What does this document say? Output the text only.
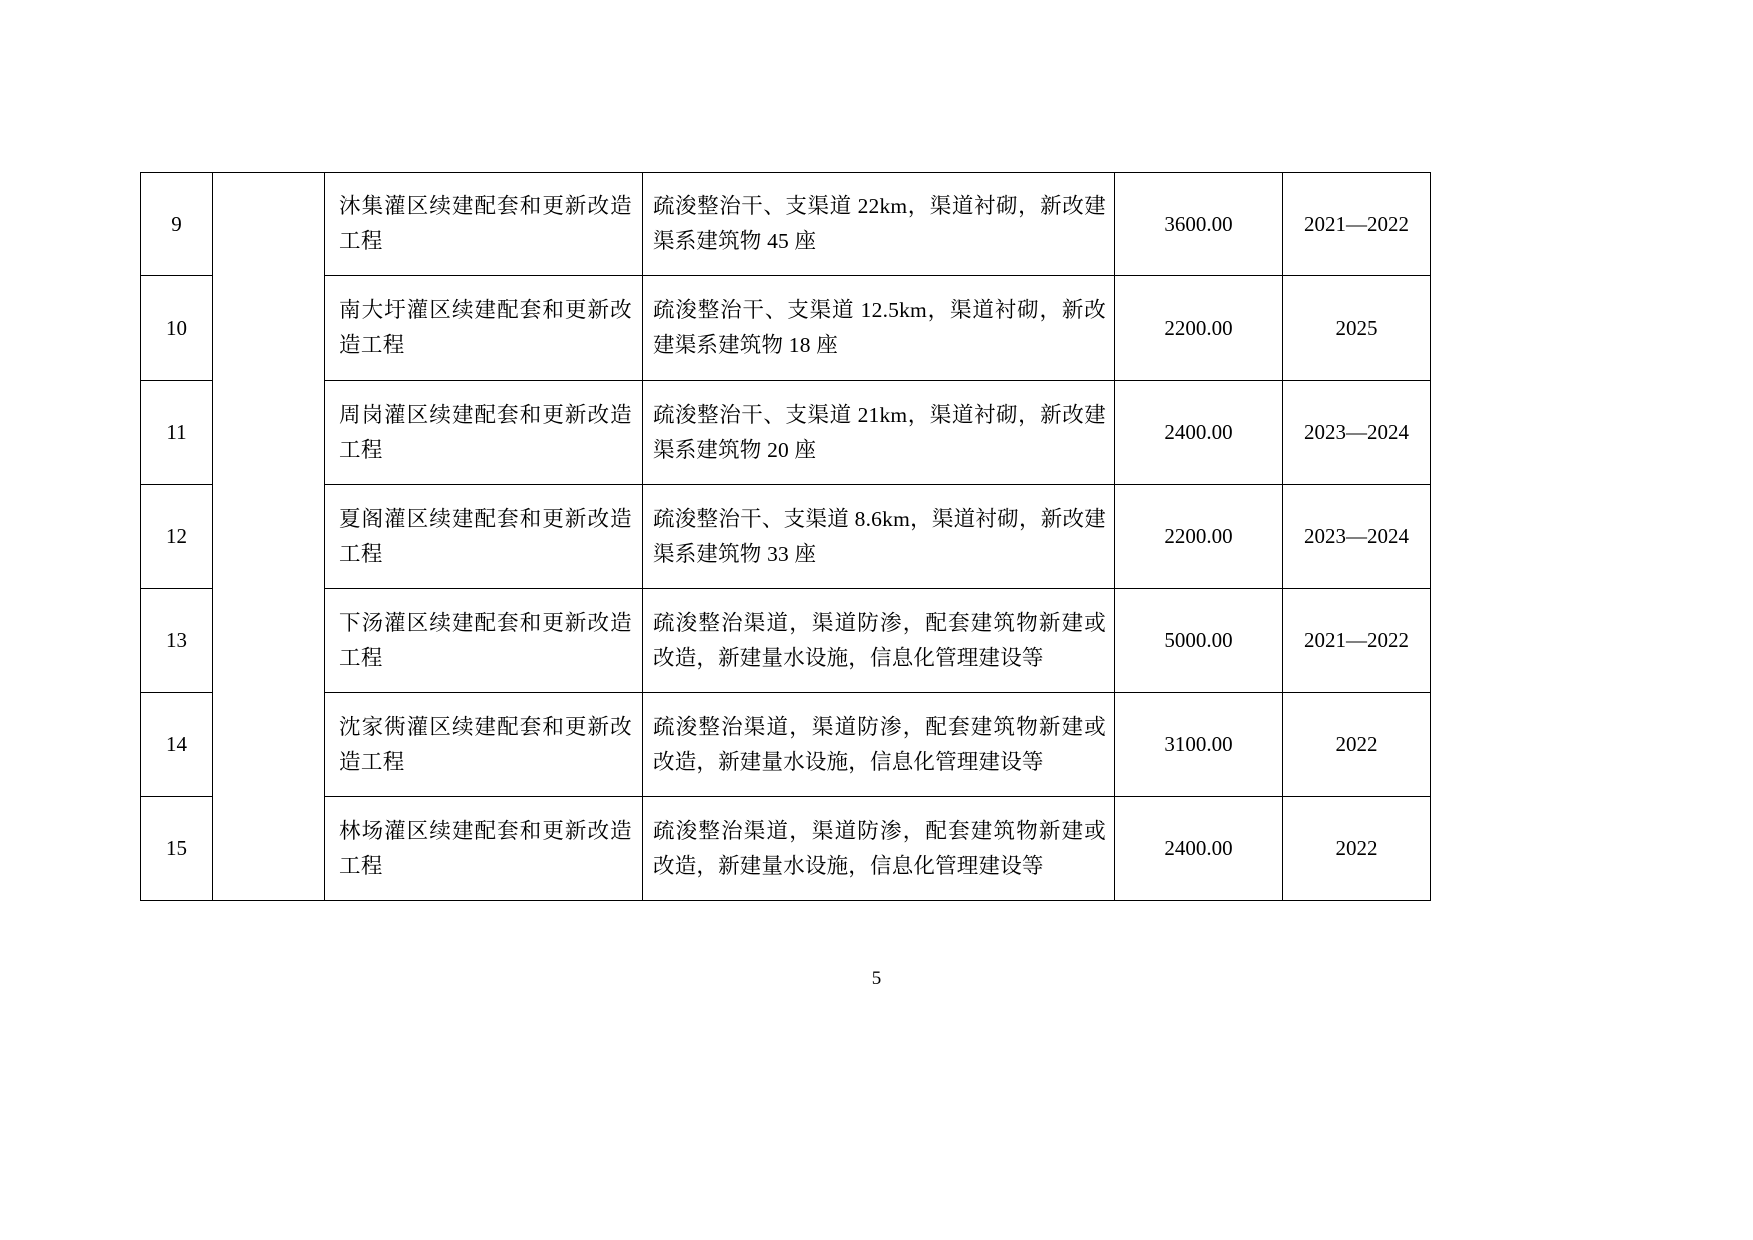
9		沐集灌区续建配套和更新改造工程	疏浚整治干、支渠道 22km，渠道衬砌，新改建渠系建筑物 45 座	3600.00	2021—2022
10		南大圩灌区续建配套和更新改造工程	疏浚整治干、支渠道 12.5km，渠道衬砌，新改建渠系建筑物 18 座	2200.00	2025
11		周岗灌区续建配套和更新改造工程	疏浚整治干、支渠道 21km，渠道衬砌，新改建渠系建筑物 20 座	2400.00	2023—2024
12		夏阁灌区续建配套和更新改造工程	疏浚整治干、支渠道 8.6km，渠道衬砌，新改建渠系建筑物 33 座	2200.00	2023—2024
13		下汤灌区续建配套和更新改造工程	疏浚整治渠道，渠道防渗，配套建筑物新建或改造，新建量水设施，信息化管理建设等	5000.00	2021—2022
14		沈家衖灌区续建配套和更新改造工程	疏浚整治渠道，渠道防渗，配套建筑物新建或改造，新建量水设施，信息化管理建设等	3100.00	2022
15		林场灌区续建配套和更新改造工程	疏浚整治渠道，渠道防渗，配套建筑物新建或改造，新建量水设施，信息化管理建设等	2400.00	2022
5
